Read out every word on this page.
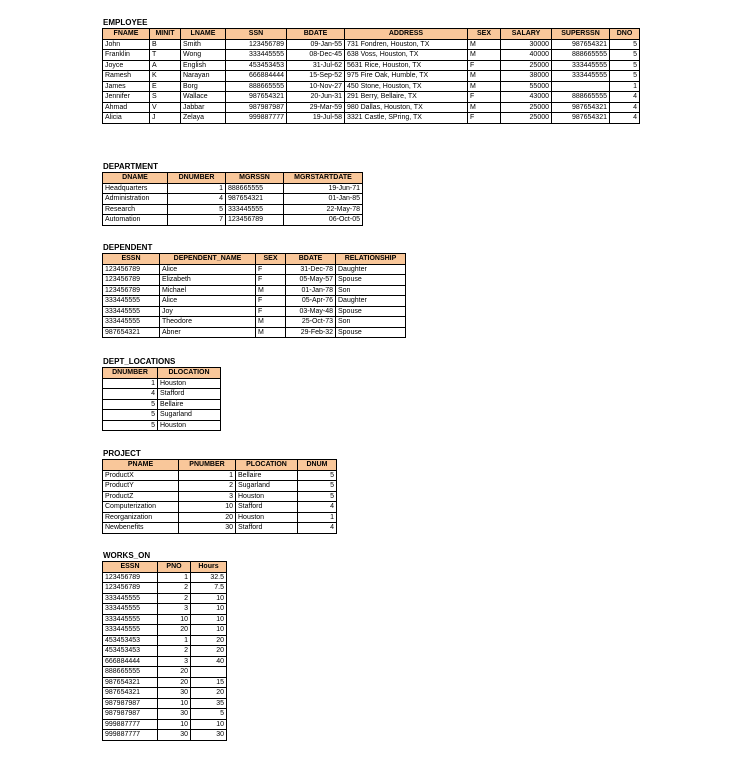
EMPLOYEE
FNAME	MINIT	LNAME	SSN	BDATE	ADDRESS	SEX	SALARY	SUPERSSN	DNO
John	B	Smith	123456789	09-Jan-55	731 Fondren, Houston, TX	M	30000	987654321	5
Franklin	T	Wong	333445555	08-Dec-45	638 Voss, Houston, TX	M	40000	888665555	5
Joyce	A	English	453453453	31-Jul-62	5631 Rice, Houston, TX	F	25000	333445555	5
Ramesh	K	Narayan	666884444	15-Sep-52	975 Fire Oak, Humble, TX	M	38000	333445555	5
James	E	Borg	888665555	10-Nov-27	450 Stone, Houston, TX	M	55000		1
Jennifer	S	Wallace	987654321	20-Jun-31	291 Berry, Bellaire, TX	F	43000	888665555	4
Ahmad	V	Jabbar	987987987	29-Mar-59	980 Dallas, Houston, TX	M	25000	987654321	4
Alicia	J	Zelaya	999887777	19-Jul-58	3321 Castle, SPring, TX	F	25000	987654321	4
DEPARTMENT
DNAME	DNUMBER	MGRSSN	MGRSTARTDATE
Headquarters	1	888665555	19-Jun-71
Administration	4	987654321	01-Jan-85
Research	5	333445555	22-May-78
Automation	7	123456789	06-Oct-05
DEPENDENT
ESSN	DEPENDENT_NAME	SEX	BDATE	RELATIONSHIP
123456789	Alice	F	31-Dec-78	Daughter
123456789	Elizabeth	F	05-May-57	Spouse
123456789	Michael	M	01-Jan-78	Son
333445555	Alice	F	05-Apr-76	Daughter
333445555	Joy	F	03-May-48	Spouse
333445555	Theodore	M	25-Oct-73	Son
987654321	Abner	M	29-Feb-32	Spouse
DEPT_LOCATIONS
DNUMBER	DLOCATION
1	Houston
4	Stafford
5	Bellaire
5	Sugarland
5	Houston
PROJECT
PNAME	PNUMBER	PLOCATION	DNUM
ProductX	1	Bellaire	5
ProductY	2	Sugarland	5
ProductZ	3	Houston	5
Computerization	10	Stafford	4
Reorganization	20	Houston	1
Newbenefits	30	Stafford	4
WORKS_ON
ESSN	PNO	Hours
123456789	1	32.5
123456789	2	7.5
333445555	2	10
333445555	3	10
333445555	10	10
333445555	20	10
453453453	1	20
453453453	2	20
666884444	3	40
888665555	20	
987654321	20	15
987654321	30	20
987987987	10	35
987987987	30	5
999887777	10	10
999887777	30	30
